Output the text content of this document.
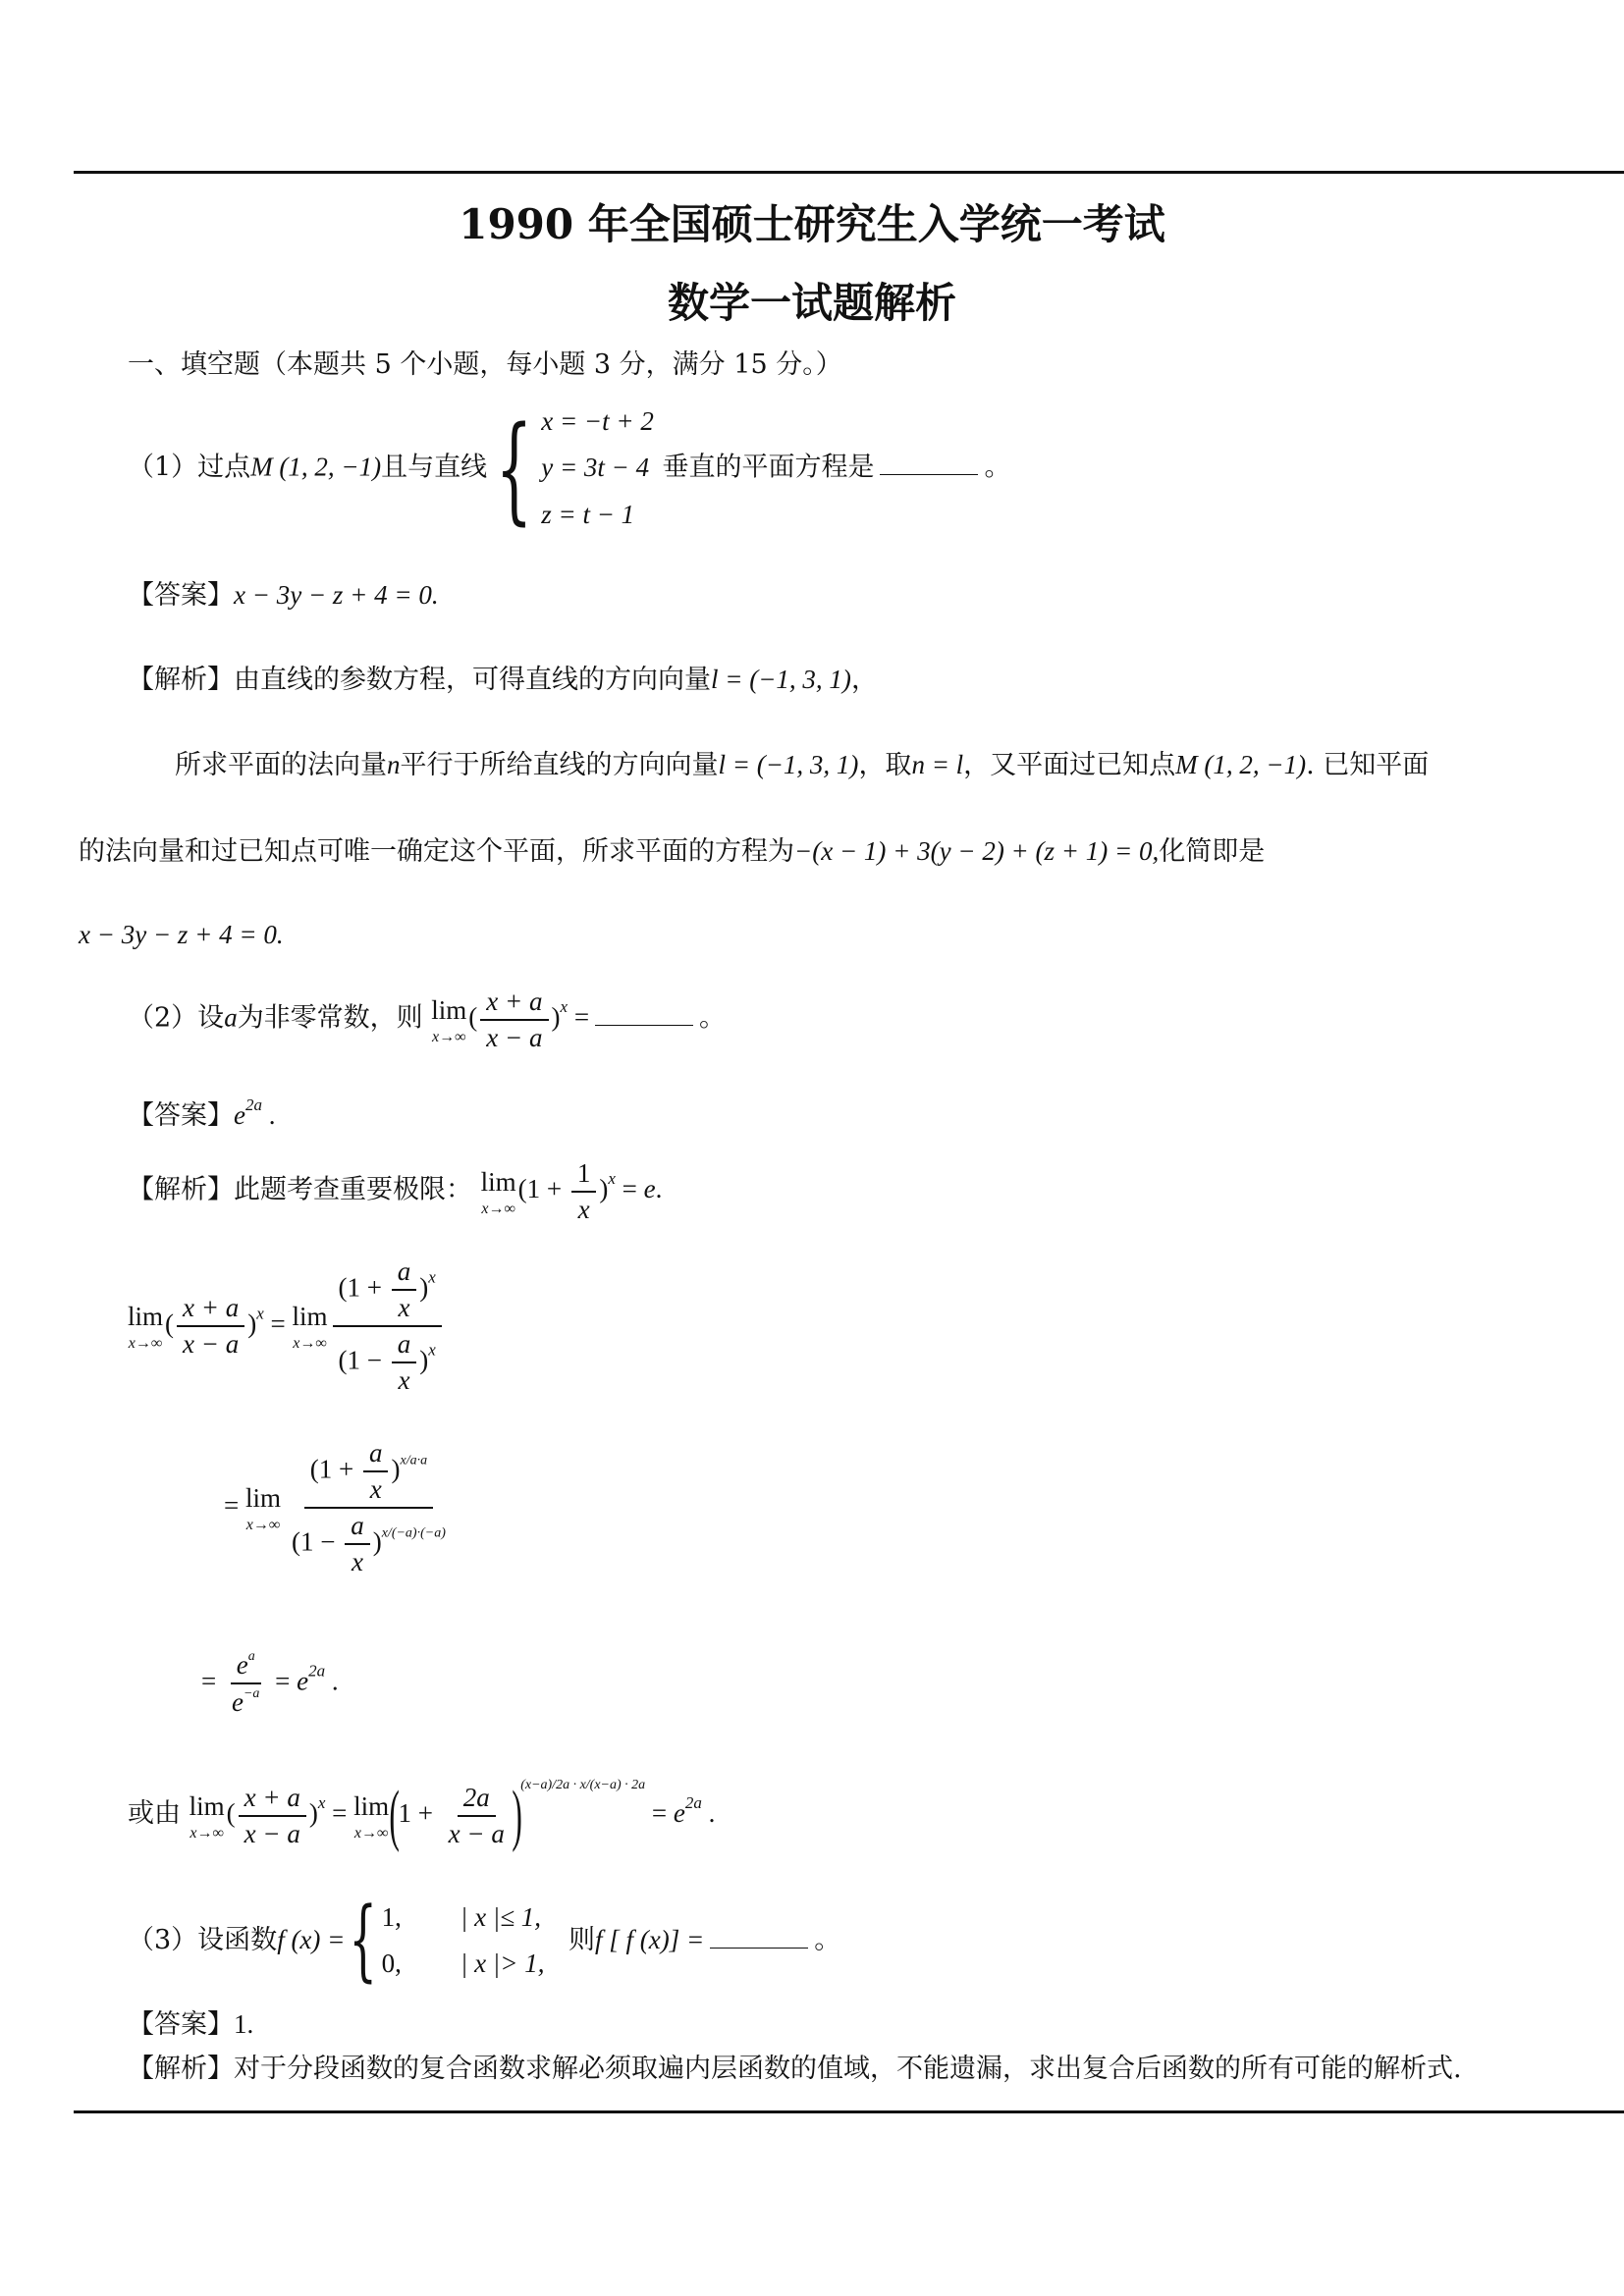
1990 年全国硕士研究生入学统一考试
数学一试题解析
一、填空题（本题共 5 个小题，每小题 3 分，满分 15 分。）
（1）过点M (1, 2, −1)且与直线{ x = −t + 2
y = 3t − 4
z = t − 1
垂直的平面方程是	。
【答案】x − 3y − z + 4 = 0.
【解析】由直线的参数方程，可得直线的方向向量l = (−1, 3, 1)，
所求平面的法向量n平行于所给直线的方向向量l = (−1, 3, 1)，取n = l，又平面过已知点M (1, 2, −1). 已知平面
的法向量和过已知点可唯一确定这个平面，所求平面的方程为−(x − 1) + 3(y − 2) + (z + 1) = 0,化简即是
x − 3y − z + 4 = 0.
（2）设a为非零常数，则 lim
x→∞
( $\frac{x + a}{x - a} )^x$ =	。
【答案】$e^{2a}$ .
【解析】此题考查重要极限： lim
x→∞
$(1 + \frac{1}{x} )^x = e$.
lim
x→∞
( $\frac{x + a}{x - a} )^x = \lim$
$x\to\infty \frac{(1 + \frac{a}{x} )^x}{(1 - \frac{a}{x} )^x}$
= lim
$x\to\infty \frac{(1 + \frac{a}{x} )^{x/a\cdot a}}{(1 - \frac{a}{x} )^{x/(-a)\cdot(-a)}}$
= $\frac{e^a}{e^{-a}} = e^{2a}$ .
或由 lim
x→∞
( $\frac{x + a}{x - a} )^x = \lim$
x→∞ $(1 + \frac{2a}{x - a} )^{(x-a)/2a \cdot x/(x-a) \cdot 2a} = e^{2a}$ .
（3）设函数f (x) ={ 1, | x |≤ 1,
0, | x |> 1,
则f [ f (x)] =	。
【答案】1.
【解析】对于分段函数的复合函数求解必须取遍内层函数的值域，不能遗漏，求出复合后函数的所有可能的解析式.
